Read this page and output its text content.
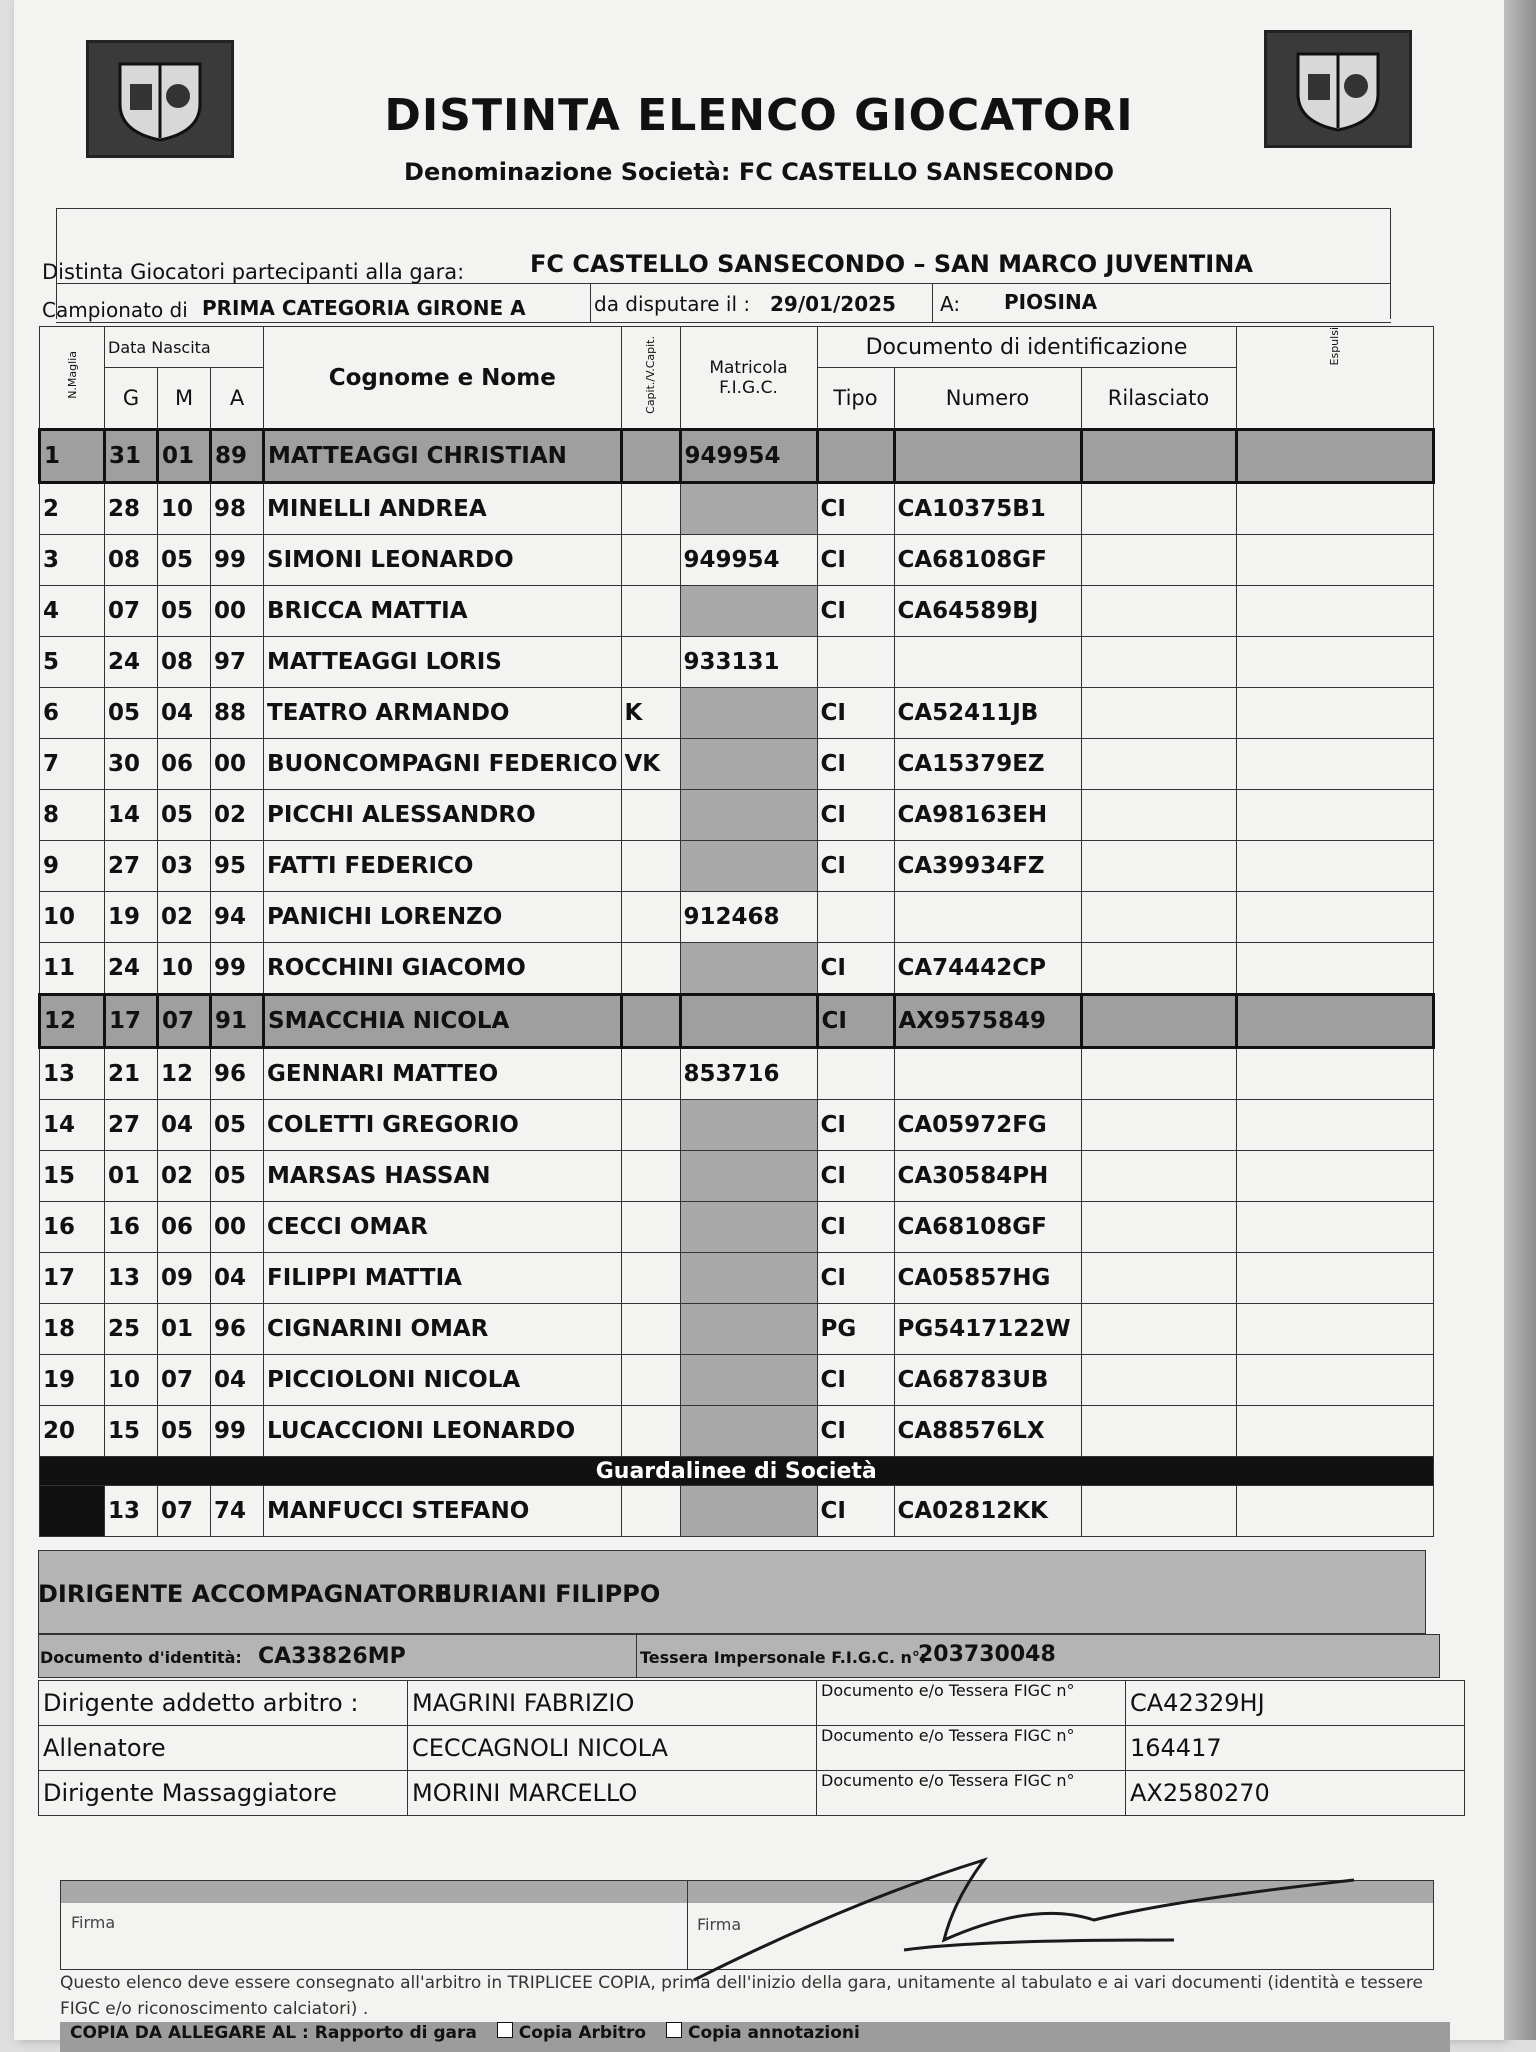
DISTINTA ELENCO GIOCATORI
Denominazione Società: FC CASTELLO SANSECONDO
Distinta Giocatori partecipanti alla gara:	FC CASTELLO SANSECONDO – SAN MARCO JUVENTINA
Campionato di PRIMA CATEGORIA GIRONE A	da disputare il : 29/01/2025 A: PIOSINA
N.Maglia	Data Nascita			Cognome e Nome	Capit./V.Capit.	Matricola
F.I.G.C.	Documento di identificazione			Espulsi
	G	M	A				Tipo	Numero	Rilasciato	
1	31	01	89	MATTEAGGI CHRISTIAN		949954				
2	28	10	98	MINELLI ANDREA			CI	CA10375B1		
3	08	05	99	SIMONI LEONARDO		949954	CI	CA68108GF		
4	07	05	00	BRICCA MATTIA			CI	CA64589BJ		
5	24	08	97	MATTEAGGI LORIS		933131				
6	05	04	88	TEATRO ARMANDO	K		CI	CA52411JB		
7	30	06	00	BUONCOMPAGNI FEDERICO	VK		CI	CA15379EZ		
8	14	05	02	PICCHI ALESSANDRO			CI	CA98163EH		
9	27	03	95	FATTI FEDERICO			CI	CA39934FZ		
10	19	02	94	PANICHI LORENZO		912468				
11	24	10	99	ROCCHINI GIACOMO			CI	CA74442CP		
12	17	07	91	SMACCHIA NICOLA			CI	AX9575849		
13	21	12	96	GENNARI MATTEO		853716				
14	27	04	05	COLETTI GREGORIO			CI	CA05972FG		
15	01	02	05	MARSAS HASSAN			CI	CA30584PH		
16	16	06	00	CECCI OMAR			CI	CA68108GF		
17	13	09	04	FILIPPI MATTIA			CI	CA05857HG		
18	25	01	96	CIGNARINI OMAR			PG	PG5417122W		
19	10	07	04	PICCIOLONI NICOLA			CI	CA68783UB		
20	15	05	99	LUCACCIONI LEONARDO			CI	CA88576LX		
Guardalinee di Società										
	13	07	74	MANFUCCI STEFANO			CI	CA02812KK		
DIRIGENTE ACCOMPAGNATORE:
BURIANI FILIPPO
Documento d'identità: CA33826MP	Tessera Impersonale F.I.G.C. n°:
203730048
Dirigente addetto arbitro :	MAGRINI FABRIZIO	Documento e/o Tessera FIGC n°	CA42329HJ
Allenatore	CECCAGNOLI NICOLA	Documento e/o Tessera FIGC n°	164417
Dirigente Massaggiatore	MORINI MARCELLO	Documento e/o Tessera FIGC n°	AX2580270
Firma	Firma
Questo elenco deve essere consegnato all'arbitro in TRIPLICEE COPIA, prima dell'inizio della gara, unitamente al tabulato e ai vari documenti (identità e tessere FIGC e/o riconoscimento calciatori) .
COPIA DA ALLEGARE AL : Rapporto di gara Copia Arbitro Copia annotazioni
